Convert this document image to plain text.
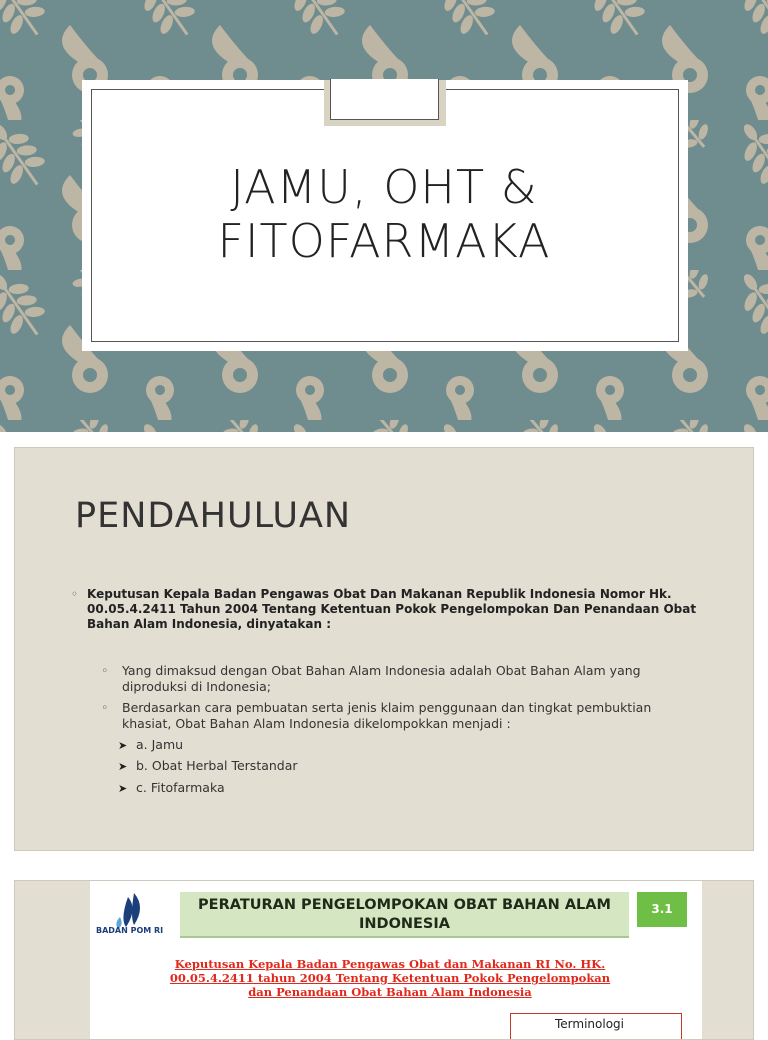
JAMU, OHT &
FITOFARMAKA
PENDAHULUAN
◦ Keputusan Kepala Badan Pengawas Obat Dan Makanan Republik Indonesia Nomor Hk.
00.05.4.2411 Tahun 2004 Tentang Ketentuan Pokok Pengelompokan Dan Penandaan Obat
Bahan Alam Indonesia, dinyatakan :
◦	Yang dimaksud dengan Obat Bahan Alam Indonesia adalah Obat Bahan Alam yang
diproduksi di Indonesia;
◦	Berdasarkan cara pembuatan serta jenis klaim penggunaan dan tingkat pembuktian
khasiat, Obat Bahan Alam Indonesia dikelompokkan menjadi :
➤ a. Jamu
➤ b. Obat Herbal Terstandar
➤ c. Fitofarmaka
BADAN POM RI
PERATURAN PENGELOMPOKAN OBAT BAHAN ALAM
INDONESIA
3.1
Keputusan Kepala Badan Pengawas Obat dan Makanan RI No. HK.
00.05.4.2411 tahun 2004 Tentang Ketentuan Pokok Pengelompokan
dan Penandaan Obat Bahan Alam Indonesia
Terminologi
